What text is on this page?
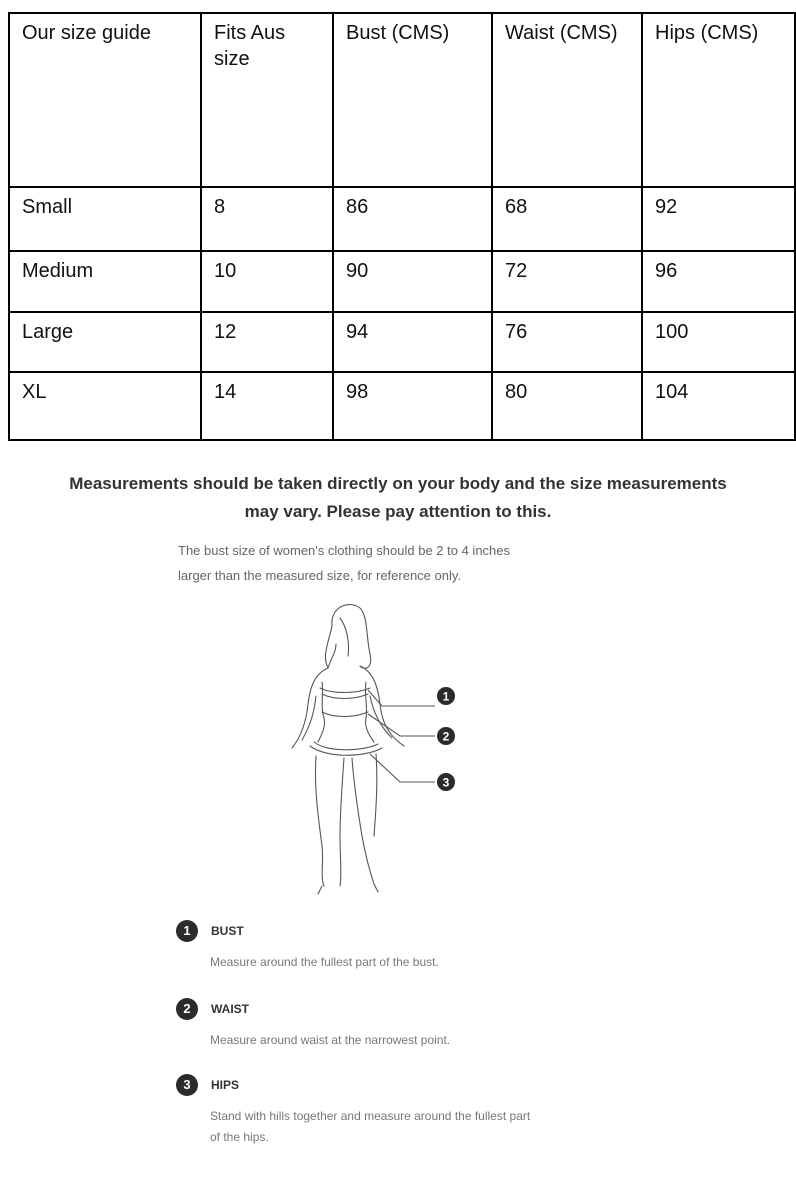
Our size guide	Fits Aus size	Bust (CMS)	Waist (CMS)	Hips (CMS)
Small	8	86	68	92
Medium	10	90	72	96
Large	12	94	76	100
XL	14	98	80	104
Measurements should be taken directly on your body and the size measurements
may vary. Please pay attention to this.
The bust size of women's clothing should be 2 to 4 inches
larger than the measured size, for reference only.
1
2
3
1	BUST
Measure around the fullest part of the bust.
2	WAIST
Measure around waist at the narrowest point.
3	HIPS
Stand with hills together and measure around the fullest part
of the hips.
